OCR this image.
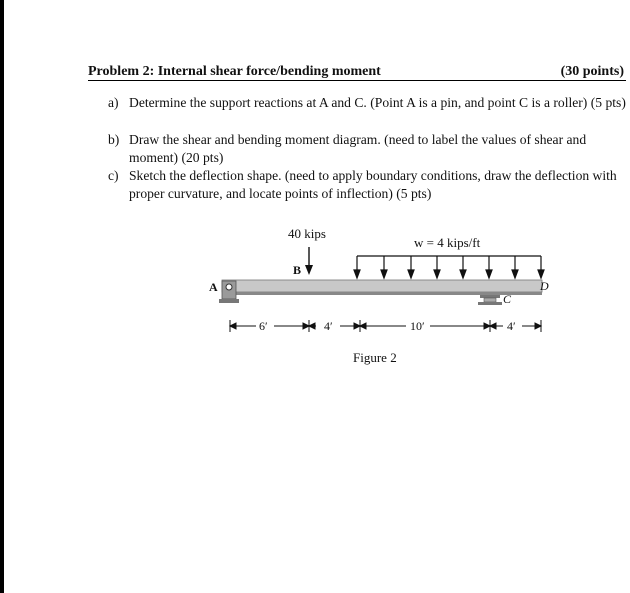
Problem 2: Internal shear force/bending moment	(30 points)
a) Determine the support reactions at A and C. (Point A is a pin, and point C is a roller) (5 pts)
b) Draw the shear and bending moment diagram. (need to label the values of shear and moment) (20 pts)
c) Sketch the deflection shape. (need to apply boundary conditions, draw the deflection with proper curvature, and locate points of inflection) (5 pts)
w = 4 kips/ft
40 kips
B
A
C
D
6′	4′	10′	4′
Figure 2
